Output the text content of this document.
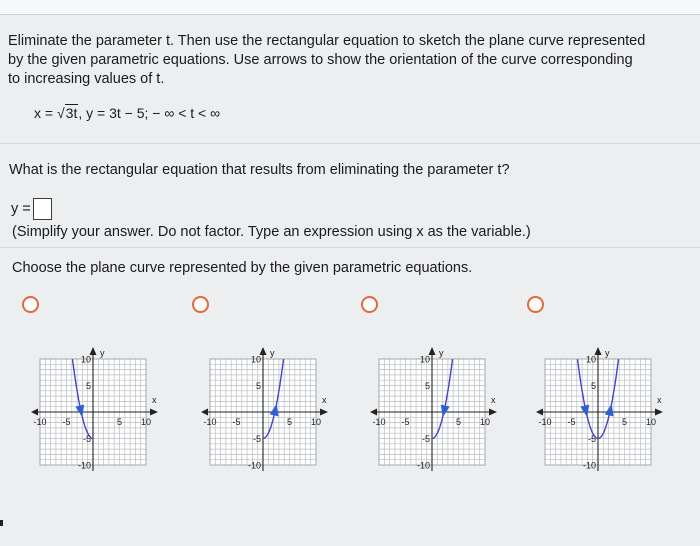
Eliminate the parameter t. Then use the rectangular equation to sketch the plane curve represented
by the given parametric equations. Use arrows to show the orientation of the curve corresponding
to increasing values of t.
x = √3t, y = 3t − 5; − ∞ < t < ∞
What is the rectangular equation that results from eliminating the parameter t?
y =
(Simplify your answer. Do not factor. Type an expression using x as the variable.)
Choose the plane curve represented by the given parametric equations.
y
x
-10 -5	5 10
10
5
-5
-10
y
x
-10 -5	5 10
10
5
-5
-10
y
x
-10 -5	5 10
10
5
-5
-10
y
x
-10 -5	5 10
10
5
-5
-10
